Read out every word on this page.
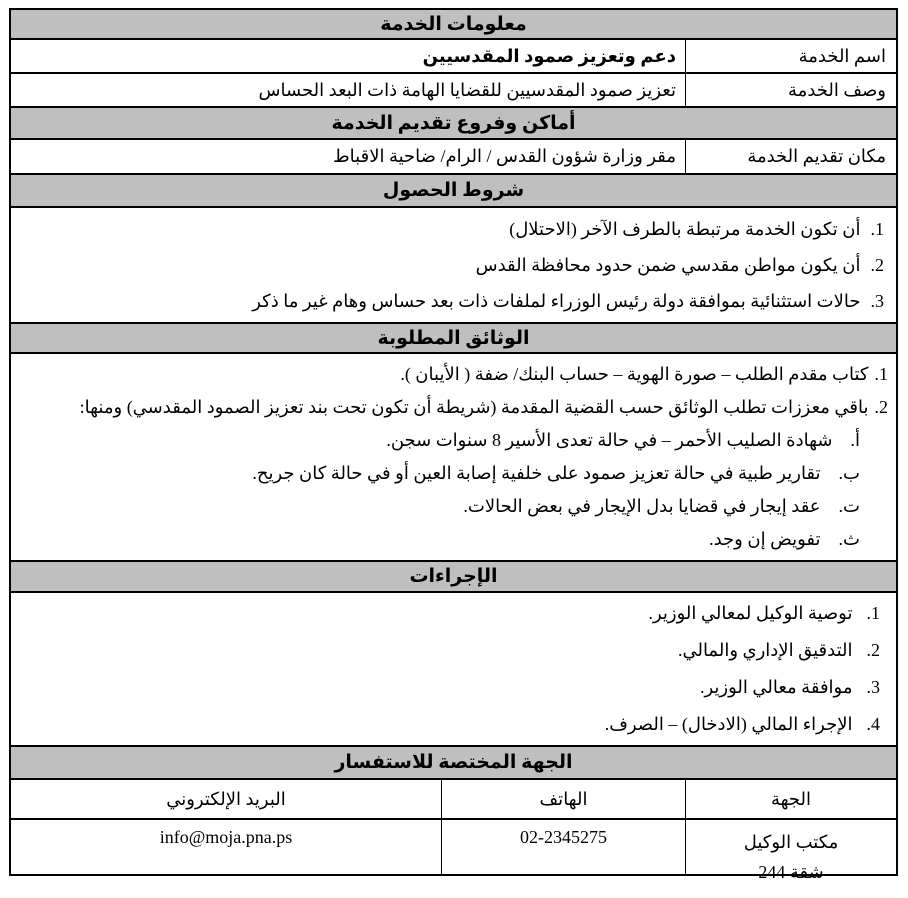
معلومات الخدمة
اسم الخدمة
دعم وتعزيز صمود المقدسيين
وصف الخدمة
تعزيز صمود المقدسيين للقضايا الهامة ذات البعد الحساس
أماكن وفروع تقديم الخدمة
مكان تقديم الخدمة
مقر وزارة شؤون القدس / الرام/ ضاحية الاقباط
شروط الحصول
1.
أن تكون الخدمة مرتبطة بالطرف الآخر (الاحتلال)
2.
أن يكون مواطن مقدسي ضمن حدود محافظة القدس
3.
حالات استثنائية بموافقة دولة رئيس الوزراء لملفات ذات بعد حساس وهام غير ما ذكر
الوثائق المطلوبة
1.
كتاب مقدم الطلب – صورة الهوية – حساب البنك/ ضفة ( الأيبان ).
2.
باقي معززات تطلب الوثائق حسب القضية المقدمة (شريطة أن تكون تحت بند تعزيز الصمود المقدسي) ومنها:
أ.
شهادة الصليب الأحمر – في حالة تعدى الأسير 8 سنوات سجن.
ب.
تقارير طبية في حالة تعزيز صمود على خلفية إصابة العين أو في حالة كان جريح.
ت.
عقد إيجار في قضايا بدل الإيجار في بعض الحالات.
ث.
تفويض إن وجد.
الإجراءات
1.
توصية الوكيل لمعالي الوزير.
2.
التدقيق الإداري والمالي.
3.
موافقة معالي الوزير.
4.
الإجراء المالي (الادخال) – الصرف.
الجهة المختصة للاستفسار
الجهة
الهاتف
البريد الإلكتروني
مكتب الوكيل
شقة 244
02-2345275
info@moja.pna.ps
